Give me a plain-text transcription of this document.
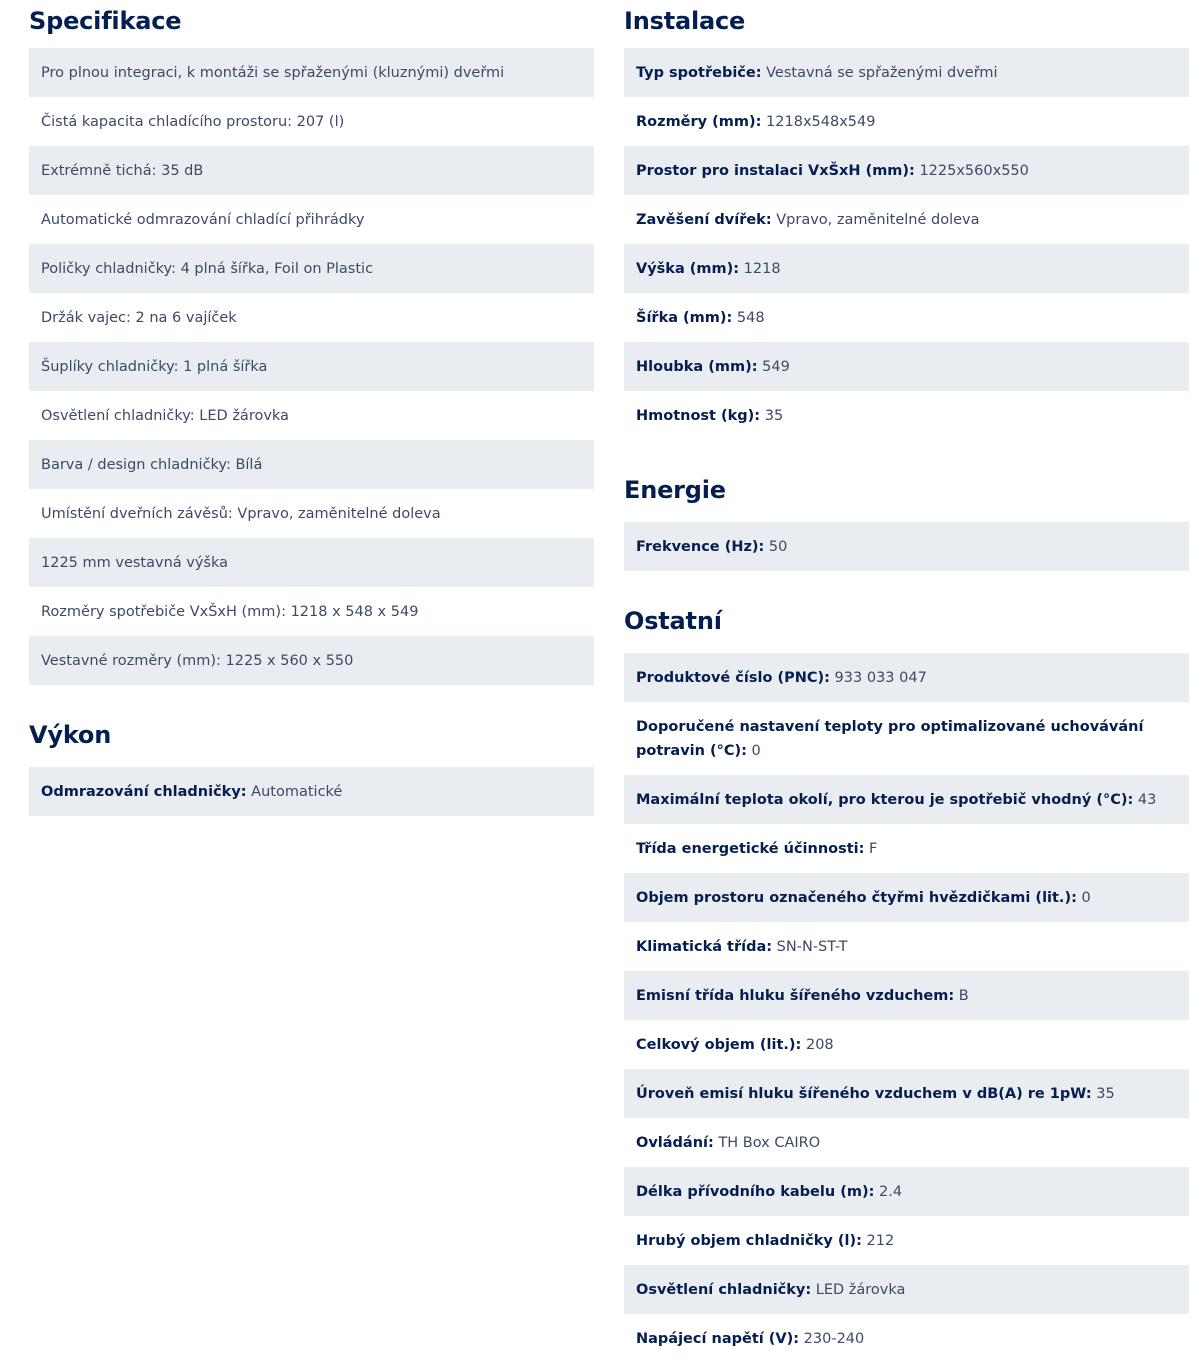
Specifikace
Pro plnou integraci, k montáži se spřaženými (kluznými) dveřmi
Čistá kapacita chladícího prostoru: 207 (l)
Extrémně tichá: 35 dB
Automatické odmrazování chladící přihrádky
Poličky chladničky: 4 plná šířka, Foil on Plastic
Držák vajec: 2 na 6 vajíček
Šuplíky chladničky: 1 plná šířka
Osvětlení chladničky: LED žárovka
Barva / design chladničky: Bílá
Umístění dveřních závěsů: Vpravo, zaměnitelné doleva
1225 mm vestavná výška
Rozměry spotřebiče VxŠxH (mm): 1218 x 548 x 549
Vestavné rozměry (mm): 1225 x 560 x 550
Výkon
Odmrazování chladničky: Automatické
Instalace
Typ spotřebiče: Vestavná se spřaženými dveřmi
Rozměry (mm): 1218x548x549
Prostor pro instalaci VxŠxH (mm): 1225x560x550
Zavěšení dvířek: Vpravo, zaměnitelné doleva
Výška (mm): 1218
Šířka (mm): 548
Hloubka (mm): 549
Hmotnost (kg): 35
Energie
Frekvence (Hz): 50
Ostatní
Produktové číslo (PNC): 933 033 047
Doporučené nastavení teploty pro optimalizované uchovávání potravin (°C): 0
Maximální teplota okolí, pro kterou je spotřebič vhodný (°C): 43
Třída energetické účinnosti: F
Objem prostoru označeného čtyřmi hvězdičkami (lit.): 0
Klimatická třída: SN-N-ST-T
Emisní třída hluku šířeného vzduchem: B
Celkový objem (lit.): 208
Úroveň emisí hluku šířeného vzduchem v dB(A) re 1pW: 35
Ovládání: TH Box CAIRO
Délka přívodního kabelu (m): 2.4
Hrubý objem chladničky (l): 212
Osvětlení chladničky: LED žárovka
Napájecí napětí (V): 230-240
